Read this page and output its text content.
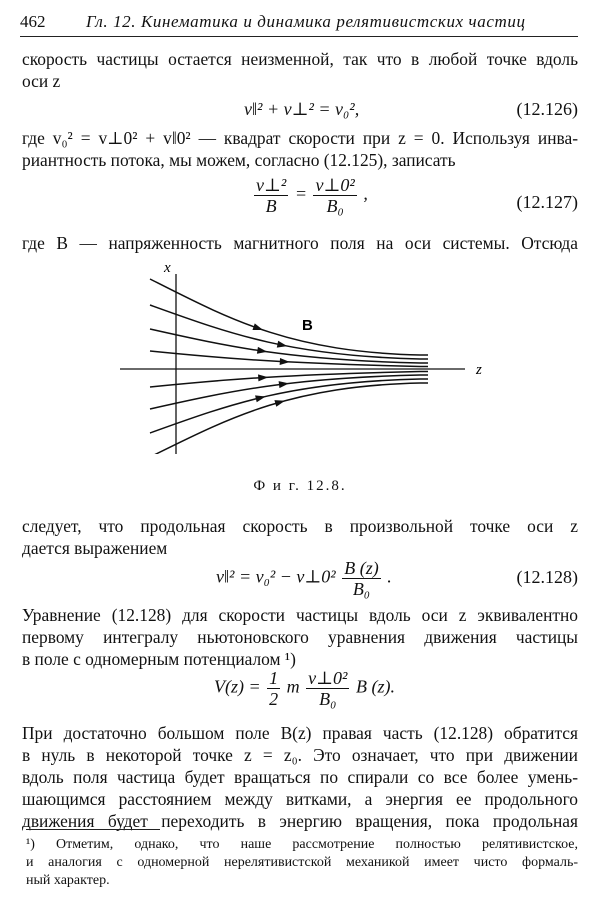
462 Гл. 12. Кинематика и динамика релятивистских частиц
скорость частицы остается неизменной, так что в любой точке вдоль
оси z
v‖² + v⊥² = v₀²,	(12.126)
где v₀² = v⊥0² + v‖0² — квадрат скорости при z = 0. Используя инва-
риантность потока, мы можем, согласно (12.125), записать
$\frac{\text{v⊥²}}{B} = \frac{\text{v⊥0²}}{\text{B₀}}$ ,	(12.127)
где B — напряженность магнитного поля на оси системы. Отсюда
x
z
B
Ф и г. 12.8.
следует, что продольная скорость в произвольной точке оси z
дается выражением
v‖² = v₀² − v⊥0² $\frac{B (z)}{\text{B₀}}$ .	(12.128)
Уравнение (12.128) для скорости частицы вдоль оси z эквивалентно
первому интегралу ньютоновского уравнения движения частицы
в поле с одномерным потенциалом ¹)
$V(z) = \frac{1}{2}$ m $\frac{\text{v⊥0²}}{\text{B₀}}$ B (z).
При достаточно большом поле B(z) правая часть (12.128) обратится
в нуль в некоторой точке z = z₀. Это означает, что при движении
вдоль поля частица будет вращаться по спирали со все более умень-
шающимся расстоянием между витками, а энергия ее продольного
движения будет переходить в энергию вращения, пока продольная
¹) Отметим, однако, что наше рассмотрение полностью релятивистское,
и аналогия с одномерной нерелятивистской механикой имеет чисто формаль-
ный характер.
